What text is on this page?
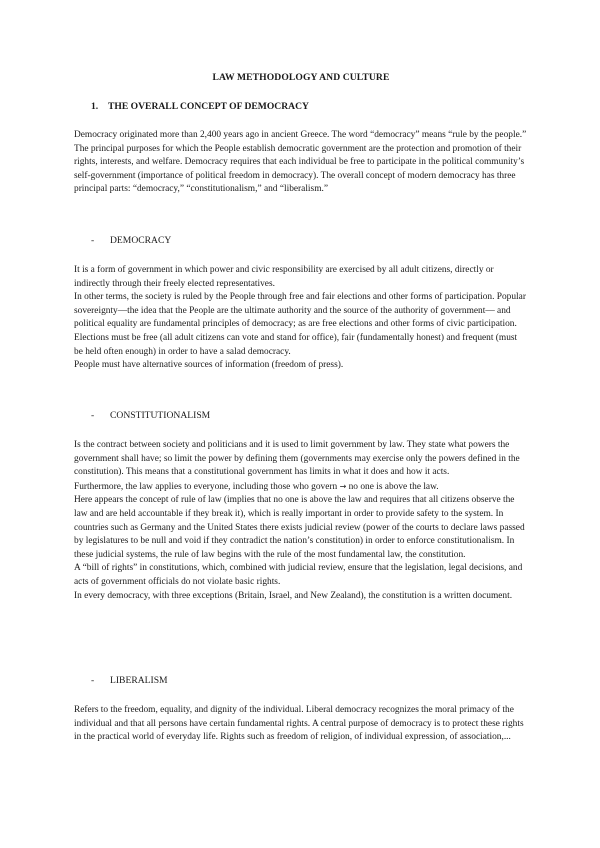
LAW METHODOLOGY AND CULTURE
1. THE OVERALL CONCEPT OF DEMOCRACY

Democracy originated more than 2,400 years ago in ancient Greece. The word “democracy” means “rule by the people.” The principal purposes for which the People establish democratic government are the protection and promotion of their rights, interests, and welfare. Democracy requires that each individual be free to participate in the political community’s self-government (importance of political freedom in democracy). The overall concept of modern democracy has three principal parts: “democracy,” “constitutionalism,” and “liberalism.”

- DEMOCRACY

It is a form of government in which power and civic responsibility are exercised by all adult citizens, directly or indirectly through their freely elected representatives.

In other terms, the society is ruled by the People through free and fair elections and other forms of participation. Popular sovereignty—the idea that the People are the ultimate authority and the source of the authority of government— and political equality are fundamental principles of democracy; as are free elections and other forms of civic participation.

Elections must be free (all adult citizens can vote and stand for office), fair (fundamentally honest) and frequent (must be held often enough) in order to have a salad democracy.

People must have alternative sources of information (freedom of press).

- CONSTITUTIONALISM

Is the contract between society and politicians and it is used to limit government by law. They state what powers the government shall have; so limit the power by defining them (governments may exercise only the powers defined in the constitution). This means that a constitutional government has limits in what it does and how it acts.

Furthermore, the law applies to everyone, including those who govern → no one is above the law.

Here appears the concept of rule of law (implies that no one is above the law and requires that all citizens observe the law and are held accountable if they break it), which is really important in order to provide safety to the system. In countries such as Germany and the United States there exists judicial review (power of the courts to declare laws passed by legislatures to be null and void if they contradict the nation’s constitution) in order to enforce constitutionalism. In these judicial systems, the rule of law begins with the rule of the most fundamental law, the constitution.

A “bill of rights” in constitutions, which, combined with judicial review, ensure that the legislation, legal decisions, and acts of government officials do not violate basic rights.

In every democracy, with three exceptions (Britain, Israel, and New Zealand), the constitution is a written document.

- LIBERALISM

Refers to the freedom, equality, and dignity of the individual. Liberal democracy recognizes the moral primacy of the individual and that all persons have certain fundamental rights. A central purpose of democracy is to protect these rights in the practical world of everyday life. Rights such as freedom of religion, of individual expression, of association,...
